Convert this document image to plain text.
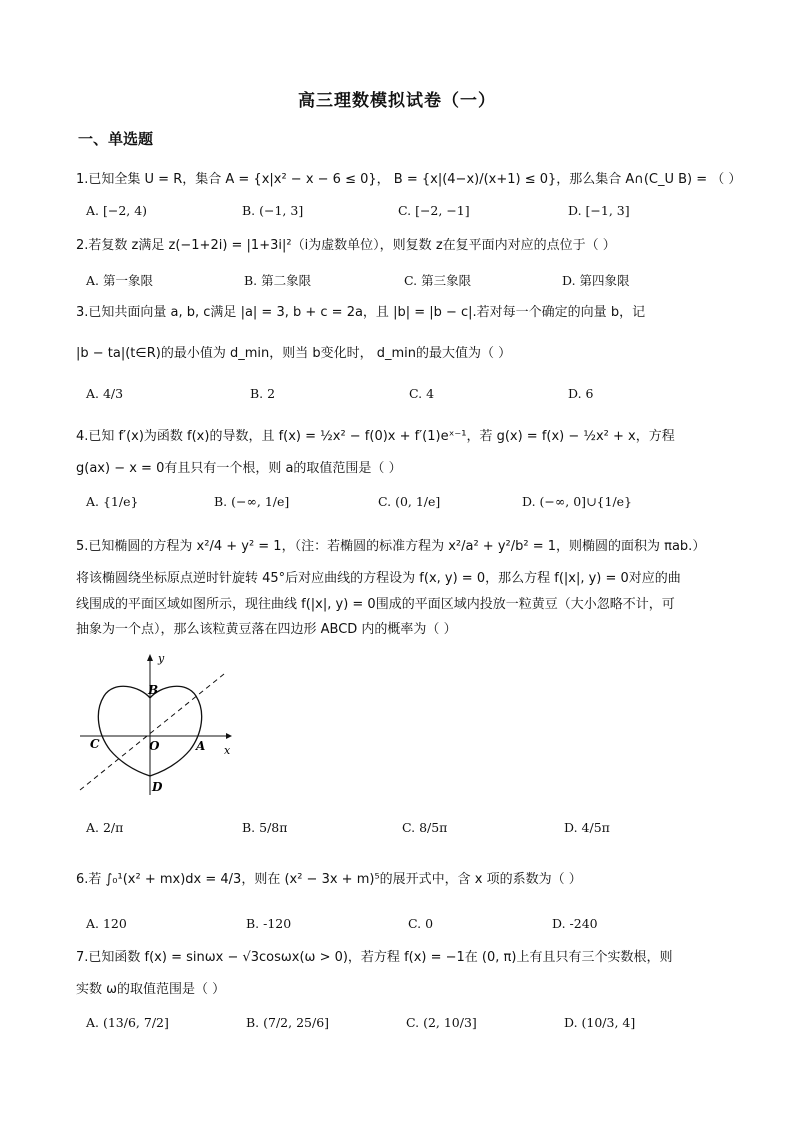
高三理数模拟试卷（一）
一、单选题
1.已知全集 U = R，集合 A = {x|x² − x − 6 ≤ 0}， B = {x|(4−x)/(x+1) ≤ 0}，那么集合 A∩(C_U B) = （ ）
A. [−2, 4)	B. (−1, 3]	C. [−2, −1]	D. [−1, 3]
2.若复数 z满足 z(−1+2i) = |1+3i|²（i为虚数单位），则复数 z在复平面内对应的点位于（ ）
A. 第一象限	B. 第二象限	C. 第三象限	D. 第四象限
3.已知共面向量 a, b, c满足 |a| = 3, b + c = 2a，且 |b| = |b − c|.若对每一个确定的向量 b，记
|b − ta|(t∈R)的最小值为 d_min，则当 b变化时， d_min的最大值为（ ）
A. 4/3	B. 2	C. 4	D. 6
4.已知 f′(x)为函数 f(x)的导数，且 f(x) = ½x² − f(0)x + f′(1)eˣ⁻¹，若 g(x) = f(x) − ½x² + x，方程
g(ax) − x = 0有且只有一个根，则 a的取值范围是（ ）
A. {1/e}	B. (−∞, 1/e]	C. (0, 1/e]	D. (−∞, 0]∪{1/e}
5.已知椭圆的方程为 x²/4 + y² = 1，（注：若椭圆的标准方程为 x²/a² + y²/b² = 1，则椭圆的面积为 πab.）
将该椭圆绕坐标原点逆时针旋转 45°后对应曲线的方程设为 f(x, y) = 0，那么方程 f(|x|, y) = 0对应的曲
线围成的平面区域如图所示，现往曲线 f(|x|, y) = 0围成的平面区域内投放一粒黄豆（大小忽略不计，可
抽象为一个点），那么该粒黄豆落在四边形 ABCD 内的概率为（ ）
y
x
B
C	O	A
D
A. 2/π	B. 5/8π	C. 8/5π	D. 4/5π
6.若 ∫₀¹(x² + mx)dx = 4/3，则在 (x² − 3x + m)⁵的展开式中，含 x 项的系数为（ ）
A. 120	B. -120	C. 0	D. -240
7.已知函数 f(x) = sinωx − √3cosωx(ω > 0)，若方程 f(x) = −1在 (0, π)上有且只有三个实数根，则
实数 ω的取值范围是（ ）
A. (13/6, 7/2]	B. (7/2, 25/6]	C. (2, 10/3]	D. (10/3, 4]
